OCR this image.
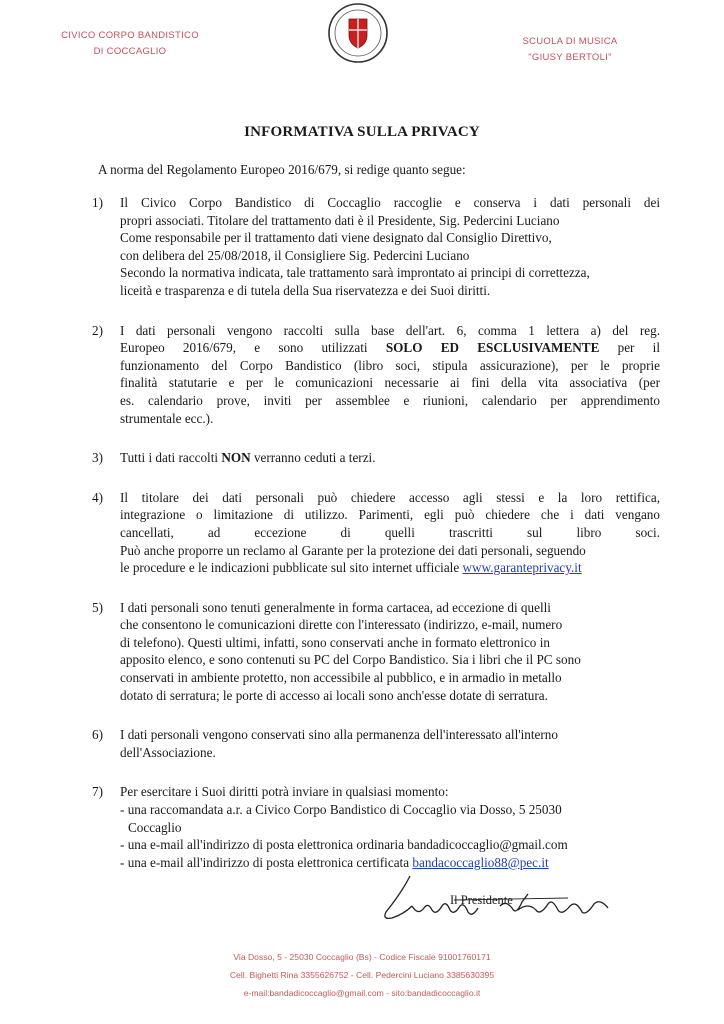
CIVICO CORPO BANDISTICO
DI COCCAGLIO
SCUOLA DI MUSICA
"GIUSY BERTOLI"
INFORMATIVA SULLA PRIVACY
A norma del Regolamento Europeo 2016/679, si redige quanto segue:
1)	Il Civico Corpo Bandistico di Coccaglio raccoglie e conserva i dati personali dei
propri associati. Titolare del trattamento dati è il Presidente, Sig. Pedercini Luciano
Come responsabile per il trattamento dati viene designato dal Consiglio Direttivo,
con delibera del 25/08/2018, il Consigliere Sig. Pedercini Luciano
Secondo la normativa indicata, tale trattamento sarà improntato ai principi di correttezza,
liceità e trasparenza e di tutela della Sua riservatezza e dei Suoi diritti.
2)	I dati personali vengono raccolti sulla base dell'art. 6, comma 1 lettera a) del reg.
Europeo 2016/679, e sono utilizzati SOLO ED ESCLUSIVAMENTE per il
funzionamento del Corpo Bandistico (libro soci, stipula assicurazione), per le proprie
finalità statutarie e per le comunicazioni necessarie ai fini della vita associativa (per
es. calendario prove, inviti per assemblee e riunioni, calendario per apprendimento
strumentale ecc.).
3)	Tutti i dati raccolti NON verranno ceduti a terzi.
4)	Il titolare dei dati personali può chiedere accesso agli stessi e la loro rettifica,
integrazione o limitazione di utilizzo. Parimenti, egli può chiedere che i dati vengano
cancellati, ad eccezione di quelli trascritti sul libro soci.
Può anche proporre un reclamo al Garante per la protezione dei dati personali, seguendo
le procedure e le indicazioni pubblicate sul sito internet ufficiale www.garanteprivacy.it
5)	I dati personali sono tenuti generalmente in forma cartacea, ad eccezione di quelli
che consentono le comunicazioni dirette con l'interessato (indirizzo, e-mail, numero
di telefono). Questi ultimi, infatti, sono conservati anche in formato elettronico in
apposito elenco, e sono contenuti su PC del Corpo Bandistico. Sia i libri che il PC sono
conservati in ambiente protetto, non accessibile al pubblico, e in armadio in metallo
dotato di serratura; le porte di accesso ai locali sono anch'esse dotate di serratura.
6)	I dati personali vengono conservati sino alla permanenza dell'interessato all'interno
dell'Associazione.
7)	Per esercitare i Suoi diritti potrà inviare in qualsiasi momento:
- una raccomandata a.r. a Civico Corpo Bandistico di Coccaglio via Dosso, 5 25030
Coccaglio
- una e-mail all'indirizzo di posta elettronica ordinaria bandadicoccaglio@gmail.com
- una e-mail all'indirizzo di posta elettronica certificata bandacoccaglio88@pec.it
Il Presidente
Via Dosso, 5 - 25030 Coccaglio (Bs) - Codice Fiscale 91001760171
Cell. Bighetti Rina 3355626752 - Cell. Pedercini Luciano 3385630395
e-mail:bandadicoccaglio@gmail.com - sito:bandadicoccaglio.it
